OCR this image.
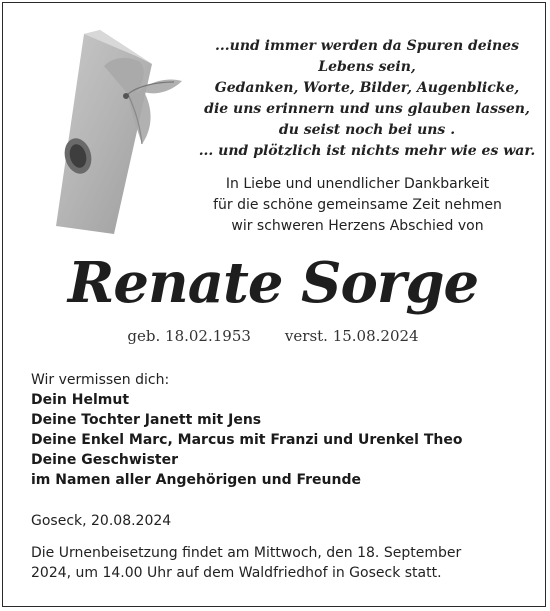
...und immer werden da Spuren deines
Lebens sein,
Gedanken, Worte, Bilder, Augenblicke,
die uns erinnern und uns glauben lassen,
du seist noch bei uns .
... und plötzlich ist nichts mehr wie es war.
In Liebe und unendlicher Dankbarkeit
für die schöne gemeinsame Zeit nehmen
wir schweren Herzens Abschied von
Renate Sorge
geb. 18.02.1953 verst. 15.08.2024
Wir vermissen dich:
Dein Helmut
Deine Tochter Janett mit Jens
Deine Enkel Marc, Marcus mit Franzi und Urenkel Theo
Deine Geschwister
im Namen aller Angehörigen und Freunde
Goseck, 20.08.2024
Die Urnenbeisetzung findet am Mittwoch, den 18. September
2024, um 14.00 Uhr auf dem Waldfriedhof in Goseck statt.
